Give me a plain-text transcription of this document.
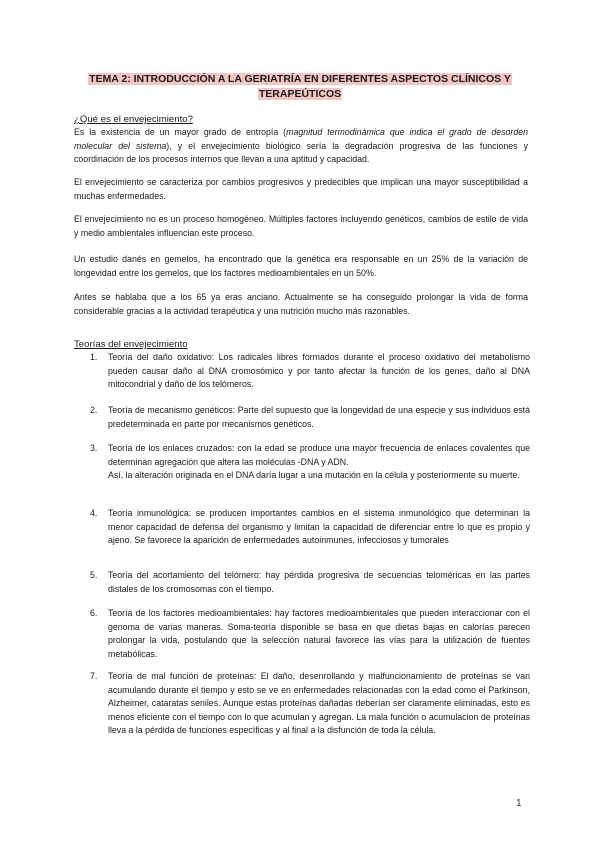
TEMA 2: INTRODUCCIÓN A LA GERIATRÍA EN DIFERENTES ASPECTOS CLÍNICOS Y
TERAPEÚTICOS
¿Qué es el envejecimiento?
Es la existencia de un mayor grado de entropía (magnitud termodinámica que indica el grado de desorden molecular del sistema), y el envejecimiento biológico sería la degradación progresiva de las funciones y coordinación de los procesos internos que llevan a una aptitud y capacidad.
El envejecimiento se caracteriza por cambios progresivos y predecibles que implican una mayor susceptibilidad a muchas enfermedades.
El envejecimiento no es un proceso homogéneo. Múltiples factores incluyendo genéticos, cambios de estilo de vida y medio ambientales influencian este proceso.
Un estudio danés en gemelos, ha encontrado que la genética era responsable en un 25% de la variación de longevidad entre los gemelos, que los factores medioambientales en un 50%.
Antes se hablaba que a los 65 ya eras anciano. Actualmente se ha conseguido prolongar la vida de forma considerable gracias a la actividad terapéutica y una nutrición mucho más razonables.
Teorías del envejecimiento
1.	Teoría del daño oxidativo: Los radicales libres formados durante el proceso oxidativo del metabolismo pueden causar daño al DNA cromosómico y por tanto afectar la función de los genes, daño al DNA mitocondrial y daño de los telómeros.
2.	Teoría de mecanismo genéticos: Parte del supuesto que la longevidad de una especie y sus individuos está predeterminada en parte por mecanismos genéticos.
3.	Teoría de los enlaces cruzados: con la edad se produce una mayor frecuencia de enlaces covalentes que determinan agregación que altera las moléculas -DNA y ADN.
Así, la alteración originada en el DNA daría lugar a una mutación en la célula y posteriormente su muerte.
4.	Teoría inmunológica: se producen importantes cambios en el sistema inmunológico que determinan la menor capacidad de defensa del organismo y limitan la capacidad de diferenciar entre lo que es propio y ajeno. Se favorece la aparición de enfermedades autoinmunes, infecciosos y tumorales
5.	Teoría del acortamiento del telómero: hay pérdida progresiva de secuencias teloméricas en las partes distales de los cromosomas con el tiempo.
6.	Teoría de los factores medioambientales: hay factores medioambientales que pueden interaccionar con el genoma de varias maneras. Soma-teoría disponible se basa en que dietas bajas en calorías parecen prolongar la vida, postulando que la selección natural favorece las vías para la utilización de fuentes metabólicas.
7.	Teoría de mal función de proteínas: El daño, desenrollando y malfuncionamiento de proteínas se van acumulando durante el tiempo y esto se ve en enfermedades relacionadas con la edad como el Parkinson, Alzheimer, cataratas seniles. Aunque estas proteínas dañadas deberían ser claramente eliminadas, esto es menos eficiente con el tiempo con lo que acumulan y agregan. La mala función o acumulacion de proteínas lleva a la pérdida de funciones específicas y al final a la disfunción de toda la célula.
1
